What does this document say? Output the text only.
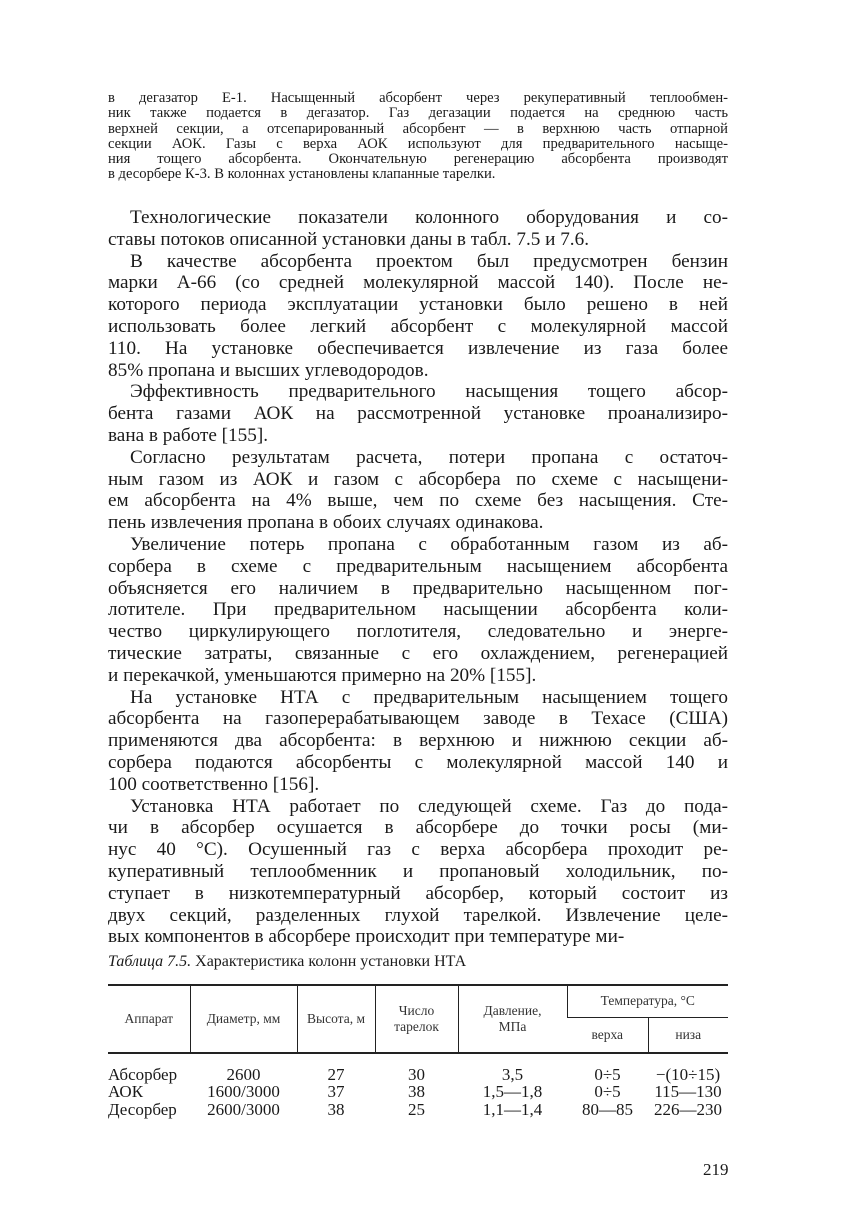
в дегазатор Е-1. Насыщенный абсорбент через рекуперативный теплообмен-
ник также подается в дегазатор. Газ дегазации подается на среднюю часть
верхней секции, а отсепарированный абсорбент — в верхнюю часть отпарной
секции АОК. Газы с верха АОК используют для предварительного насыще-
ния тощего абсорбента. Окончательную регенерацию абсорбента производят
в десорбере К-3. В колоннах установлены клапанные тарелки.
Технологические показатели колонного оборудования и со-
ставы потоков описанной установки даны в табл. 7.5 и 7.6.
В качестве абсорбента проектом был предусмотрен бензин
марки А-66 (со средней молекулярной массой 140). После не-
которого периода эксплуатации установки было решено в ней
использовать более легкий абсорбент с молекулярной массой
110. На установке обеспечивается извлечение из газа более
85% пропана и высших углеводородов.
Эффективность предварительного насыщения тощего абсор-
бента газами АОК на рассмотренной установке проанализиро-
вана в работе [155].
Согласно результатам расчета, потери пропана с остаточ-
ным газом из АОК и газом с абсорбера по схеме с насыщени-
ем абсорбента на 4% выше, чем по схеме без насыщения. Сте-
пень извлечения пропана в обоих случаях одинакова.
Увеличение потерь пропана с обработанным газом из аб-
сорбера в схеме с предварительным насыщением абсорбента
объясняется его наличием в предварительно насыщенном пог-
лотителе. При предварительном насыщении абсорбента коли-
чество циркулирующего поглотителя, следовательно и энерге-
тические затраты, связанные с его охлаждением, регенерацией
и перекачкой, уменьшаются примерно на 20% [155].
На установке НТА с предварительным насыщением тощего
абсорбента на газоперерабатывающем заводе в Техасе (США)
применяются два абсорбента: в верхнюю и нижнюю секции аб-
сорбера подаются абсорбенты с молекулярной массой 140 и
100 соответственно [156].
Установка НТА работает по следующей схеме. Газ до пода-
чи в абсорбер осушается в абсорбере до точки росы (ми-
нус 40 °С). Осушенный газ с верха абсорбера проходит ре-
куперативный теплообменник и пропановый холодильник, по-
ступает в низкотемпературный абсорбер, который состоит из
двух секций, разделенных глухой тарелкой. Извлечение целе-
вых компонентов в абсорбере происходит при температуре ми-
Таблица 7.5. Характеристика колонн установки НТА
Аппарат	Диаметр, мм	Высота, м	Число тарелок	Давление, МПа	Температура, °С	
					верха	низа
Абсорбер	2600	27	30	3,5	0÷5	−(10÷15)
АОК	1600/3000	37	38	1,5—1,8	0÷5	115—130
Десорбер	2600/3000	38	25	1,1—1,4	80—85	226—230
219
